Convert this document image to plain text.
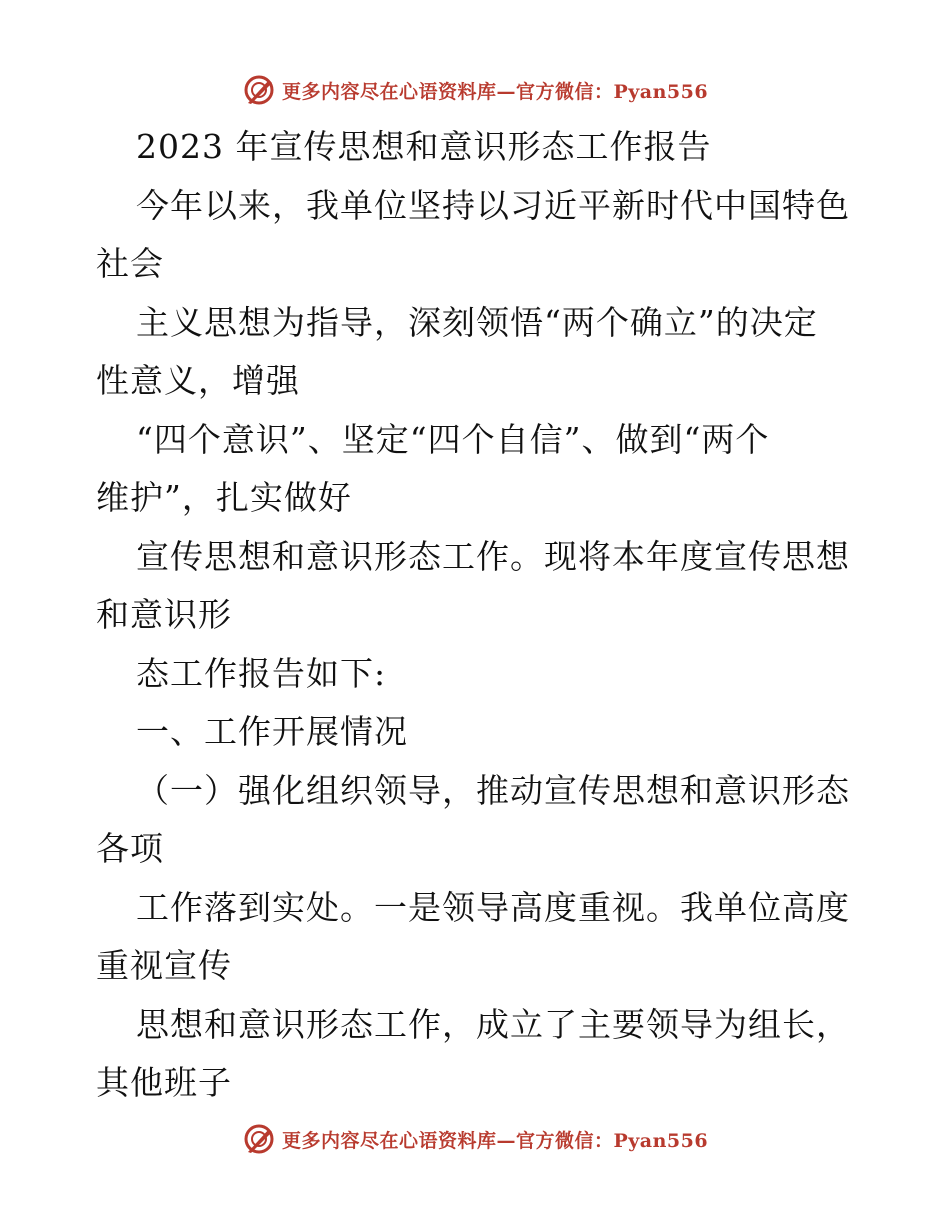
更多内容尽在心语资料库—官方微信：Pyan556
2023 年宣传思想和意识形态工作报告
今年以来，我单位坚持以习近平新时代中国特色
社会
主义思想为指导，深刻领悟“两个确立”的决定
性意义，增强
“四个意识”、坚定“四个自信”、做到“两个
维护”，扎实做好
宣传思想和意识形态工作。现将本年度宣传思想
和意识形
态工作报告如下:
一、工作开展情况
（一）强化组织领导，推动宣传思想和意识形态
各项
工作落到实处。一是领导高度重视。我单位高度
重视宣传
思想和意识形态工作，成立了主要领导为组长，
其他班子
更多内容尽在心语资料库—官方微信：Pyan556
